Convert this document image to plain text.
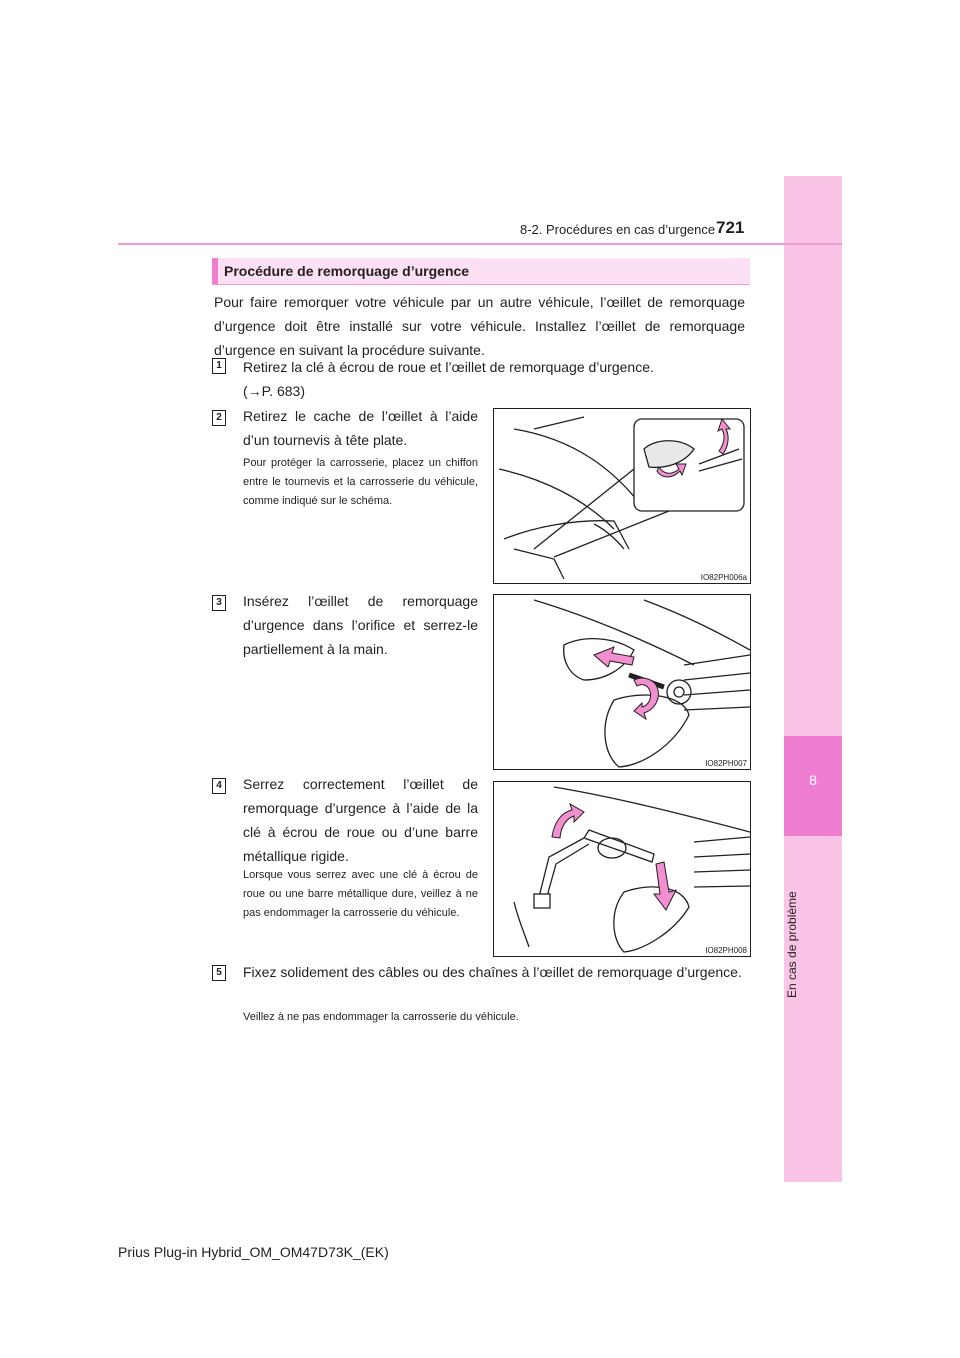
8
En cas de problème
8-2. Procédures en cas d’urgence 721
Procédure de remorquage d’urgence
Pour faire remorquer votre véhicule par un autre véhicule, l’œillet de remorquage d’urgence doit être installé sur votre véhicule. Installez l’œillet de remorquage d’urgence en suivant la procédure suivante.
1	Retirez la clé à écrou de roue et l’œillet de remorquage d’urgence.
(→P. 683)
2	Retirez le cache de l’œillet à l’aide d’un tournevis à tête plate.
Pour protéger la carrosserie, placez un chiffon entre le tournevis et la carrosserie du véhicule, comme indiqué sur le schéma.
IO82PH006a
3	Insérez l’œillet de remorquage d’urgence dans l’orifice et serrez-le partiellement à la main.
IO82PH007
4	Serrez correctement l’œillet de remorquage d’urgence à l’aide de la clé à écrou de roue ou d’une barre métallique rigide.
Lorsque vous serrez avec une clé à écrou de roue ou une barre métallique dure, veillez à ne pas endommager la carrosserie du véhicule.
IO82PH008
5	Fixez solidement des câbles ou des chaînes à l’œillet de remorquage d’urgence.
Veillez à ne pas endommager la carrosserie du véhicule.
Prius Plug-in Hybrid_OM_OM47D73K_(EK)
